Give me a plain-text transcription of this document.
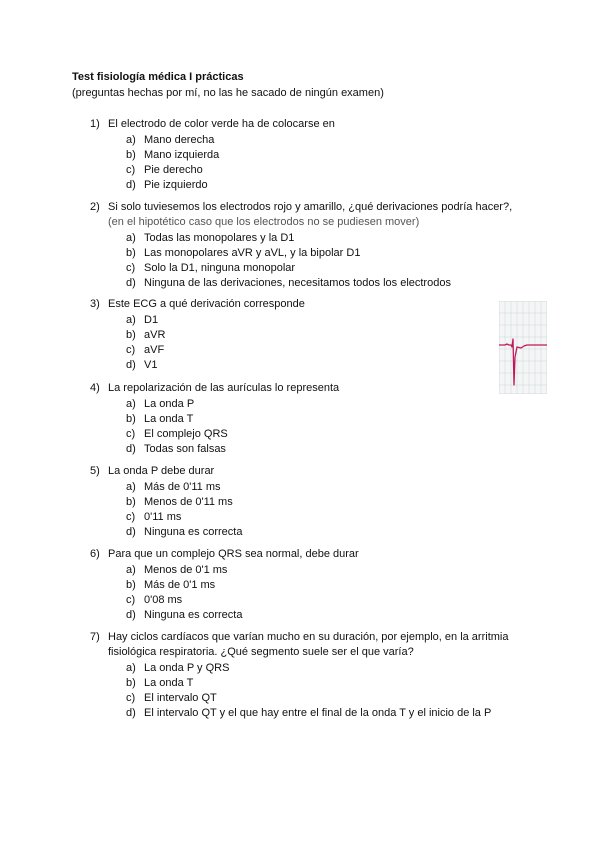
Test fisiología médica I prácticas
(preguntas hechas por mí, no las he sacado de ningún examen)
1) El electrodo de color verde ha de colocarse en
a) Mano derecha
b) Mano izquierda
c) Pie derecho
d) Pie izquierdo
2) Si solo tuviesemos los electrodos rojo y amarillo, ¿qué derivaciones podría hacer?,
(en el hipotético caso que los electrodos no se pudiesen mover)
a) Todas las monopolares y la D1
b) Las monopolares aVR y aVL, y la bipolar D1
c) Solo la D1, ninguna monopolar
d) Ninguna de las derivaciones, necesitamos todos los electrodos
3) Este ECG a qué derivación corresponde
a) D1
b) aVR
c) aVF
d) V1
4) La repolarización de las aurículas lo representa
a) La onda P
b) La onda T
c) El complejo QRS
d) Todas son falsas
5) La onda P debe durar
a) Más de 0'11 ms
b) Menos de 0'11 ms
c) 0'11 ms
d) Ninguna es correcta
6) Para que un complejo QRS sea normal, debe durar
a) Menos de 0'1 ms
b) Más de 0'1 ms
c) 0'08 ms
d) Ninguna es correcta
7) Hay ciclos cardíacos que varían mucho en su duración, por ejemplo, en la arritmia fisiológica respiratoria. ¿Qué segmento suele ser el que varía?
a) La onda P y QRS
b) La onda T
c) El intervalo QT
d) El intervalo QT y el que hay entre el final de la onda T y el inicio de la P
